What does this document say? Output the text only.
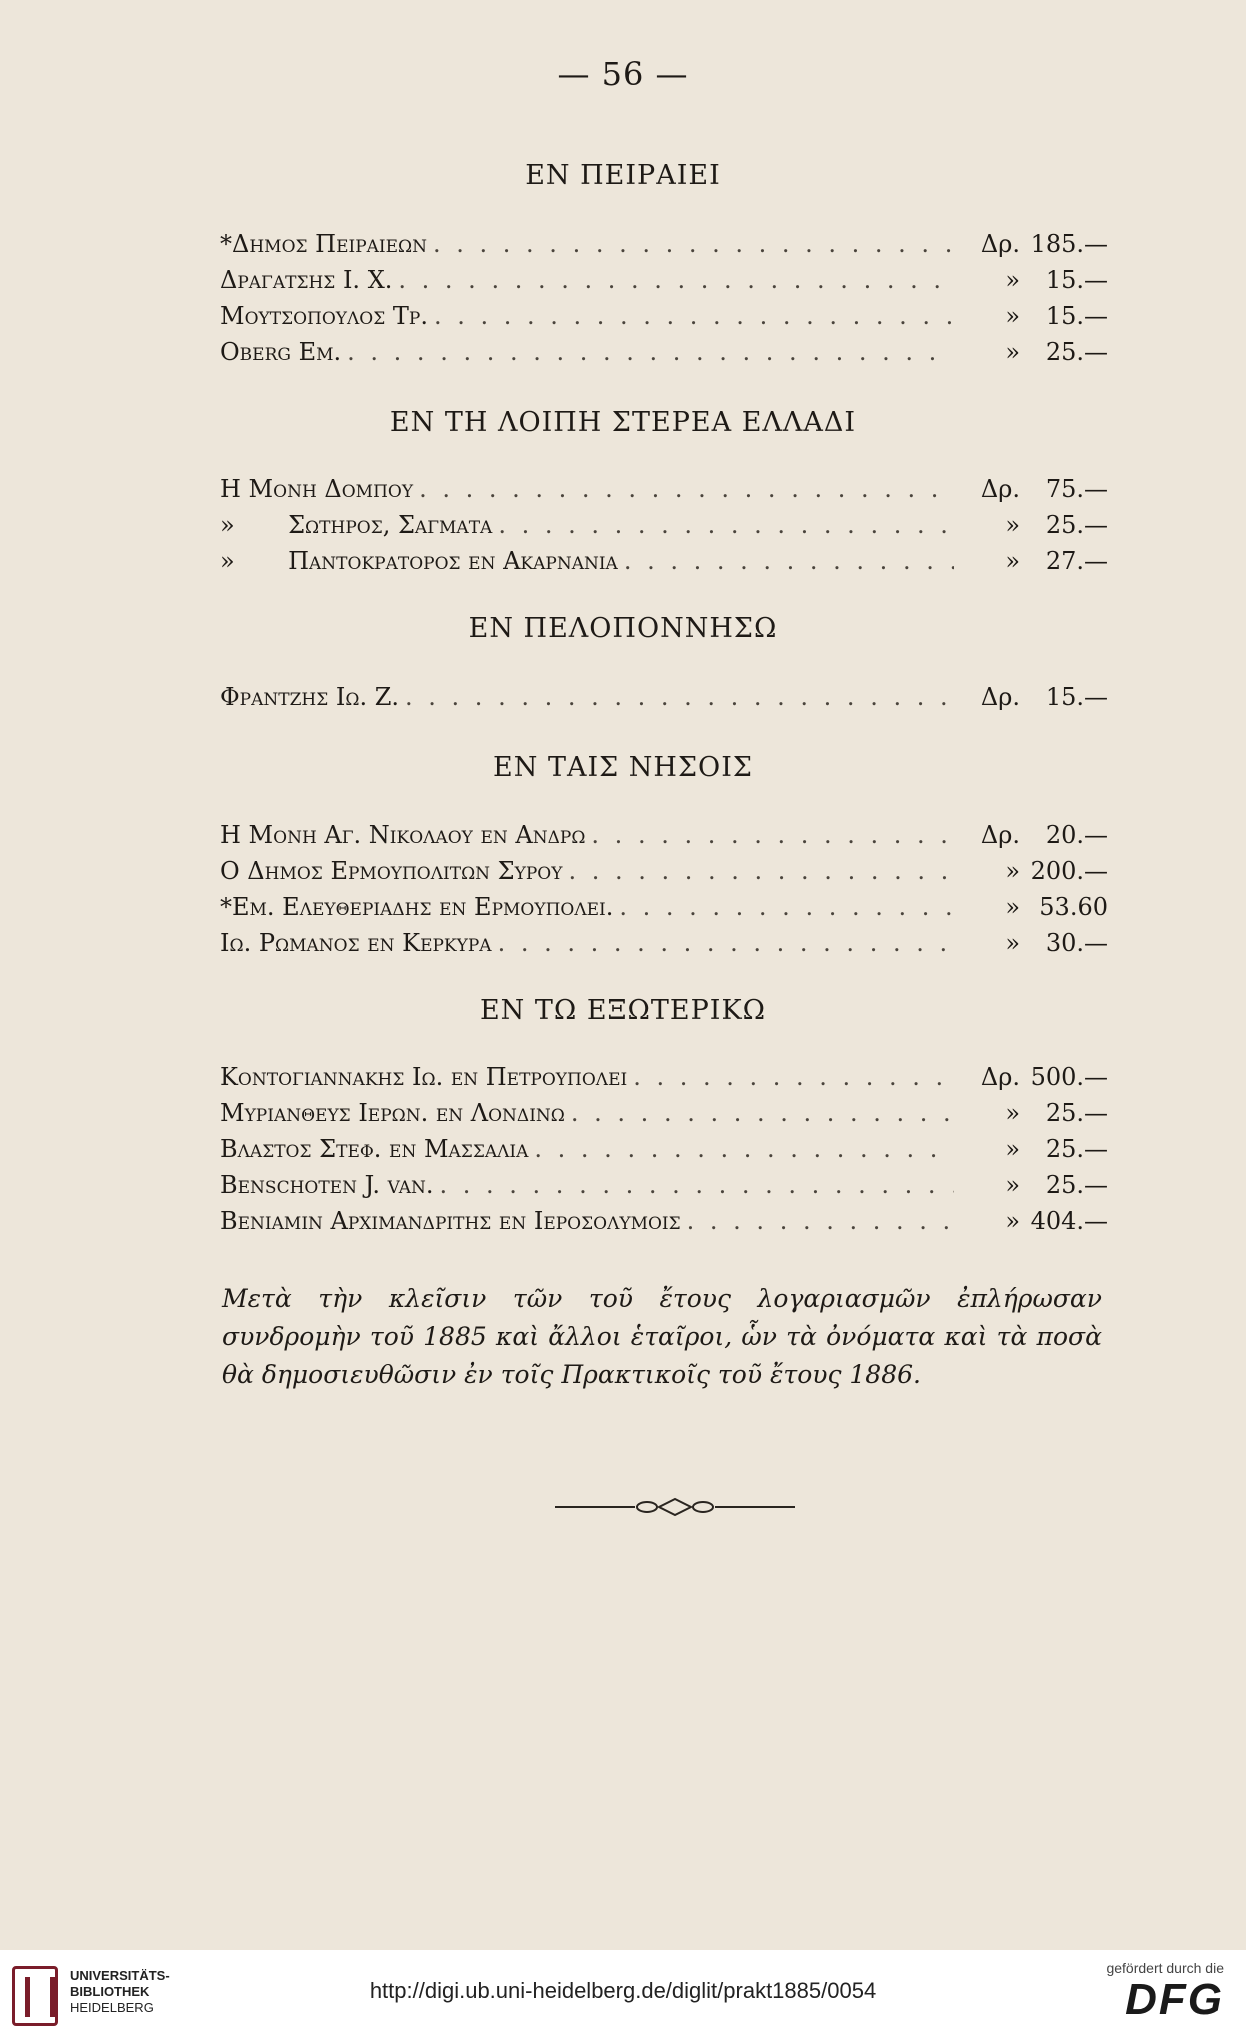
— 56 —
ΕΝ ΠΕΙΡΑΙΕΙ
*Δημος Πειραιεων . . .	Δρ. 185.—
Δραγατσης Ι. Χ. . . .	»	15.—
Μουτσοπουλος Τρ. . . .	»	15.—
Oberg Εμ. . . .	»	25.—
ΕΝ ΤΗ ΛΟΙΠΗ ΣΤΕΡΕΑ ΕΛΛΑΔΙ
Η Μονη Δομπου . . .	Δρ.	75.—
»       Σωτηρος, Σαγματα . . .	»	25.—
»       Παντοκρατορος εν Ακαρνανια . . .	»	27.—
ΕΝ ΠΕΛΟΠΟΝΝΗΣΩ
Φραντζης Ιω. Ζ. . . .	Δρ.	15.—
ΕΝ ΤΑΙΣ ΝΗΣΟΙΣ
Η Μονη Αγ. Νικολαου εν Ανδρω . . .	Δρ.	20.—
Ο Δημος Ερμουπολιτων Συρου . . .	» 200.—
*Εμ. Ελευθεριαδης εν Ερμουπολει. . . .	» 53.60
Ιω. Ρωμανος εν Κερκυρα . . .	»	30.—
ΕΝ ΤΩ ΕΞΩΤΕΡΙΚΩ
Κοντογιαννακης Ιω. εν Πετρουπολει . . .	Δρ. 500.—
Μυριανθευς Ιερων. εν Λονδινω . . .	»	25.—
Βλαστος Στεφ. εν Μασσαλια . . .	»	25.—
Benschoten J. van. . . .	»	25.—
Beniamin Αρχιμανδριτης εν Ιεροσολυμοις . . .	» 404.—
Μετὰ τὴν κλεῖσιν τῶν τοῦ ἔτους λογαριασμῶν ἐπλήρωσαν συνδρομὴν τοῦ 1885 καὶ ἄλλοι ἑταῖροι, ὧν τὰ ὀνόματα καὶ τὰ ποσὰ θὰ δημοσιευθῶσιν ἐν τοῖς Πρακτικοῖς τοῦ ἔτους 1886.
UNIVERSITÄTS-
BIBLIOTHEK
HEIDELBERG
http://digi.ub.uni-heidelberg.de/diglit/prakt1885/0054
gefördert durch die
DFG
